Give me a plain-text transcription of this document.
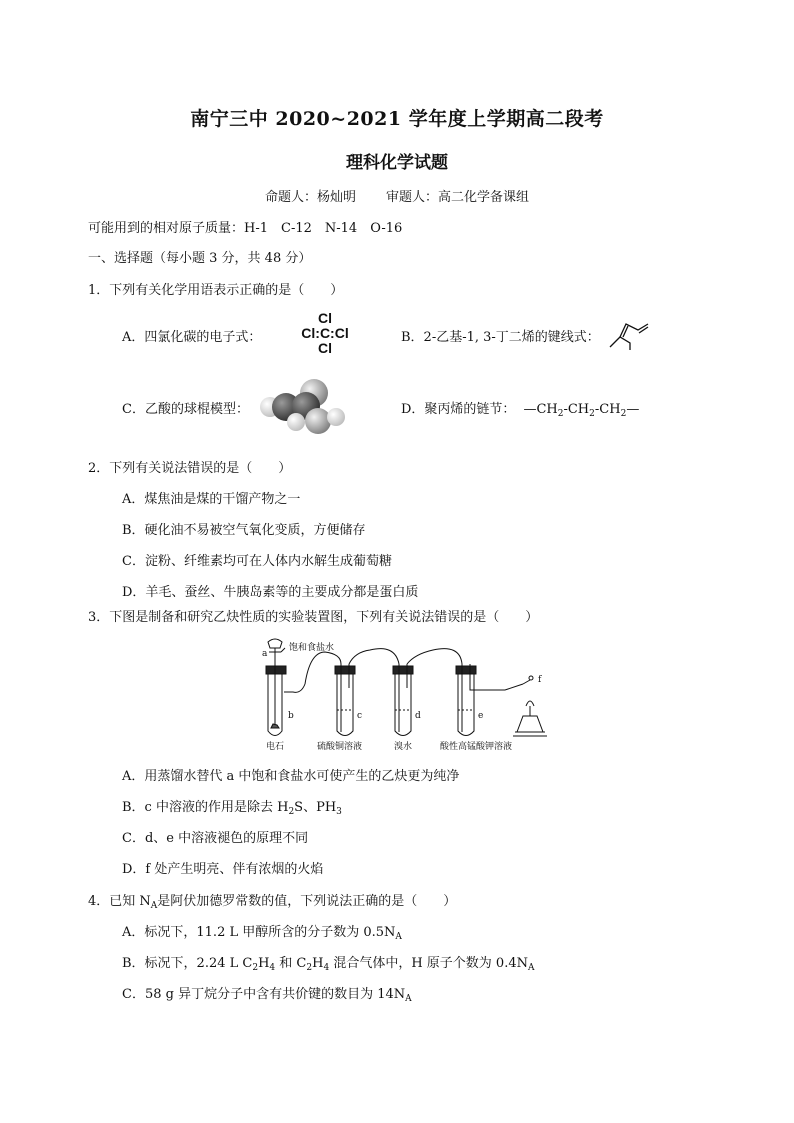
南宁三中 2020~2021 学年度上学期高二段考
理科化学试题
命题人：杨灿明 审题人：高二化学备课组
可能用到的相对原子质量：H-1　C-12　N-14　O-16
一、选择题（每小题 3 分，共 48 分）
1．下列有关化学用语表示正确的是（　　）
A．四氯化碳的电子式：
Cl
Cl:C:Cl
Cl
B．2-乙基-1, 3-丁二烯的键线式：
C．乙酸的球棍模型：	D．聚丙烯的链节： $—CH_2-CH_2-CH_2—$
2．下列有关说法错误的是（　　）
A．煤焦油是煤的干馏产物之一
B．硬化油不易被空气氧化变质，方便储存
C．淀粉、纤维素均可在人体内水解生成葡萄糖
D．羊毛、蚕丝、牛胰岛素等的主要成分都是蛋白质
3．下图是制备和研究乙炔性质的实验装置图，下列有关说法错误的是（　　）
饱和食盐水
a
b	c	d	e
f
电石	硫酸铜溶液	溴水	酸性高锰酸钾溶液
A．用蒸馏水替代 a 中饱和食盐水可使产生的乙炔更为纯净
B．c 中溶液的作用是除去 $H_2S$、$PH_3$
C．d、e 中溶液褪色的原理不同
D．f 处产生明亮、伴有浓烟的火焰
4．已知 $N_A$是阿伏加德罗常数的值，下列说法正确的是（　　）
A．标况下，11.2 L 甲醇所含的分子数为 $0.5N_A$
B．标况下，2.24 L $C_2H_4$ 和 $C_2H_4$ 混合气体中，H 原子个数为 $0.4N_A$
C．58 g 异丁烷分子中含有共价键的数目为 $14N_A$
